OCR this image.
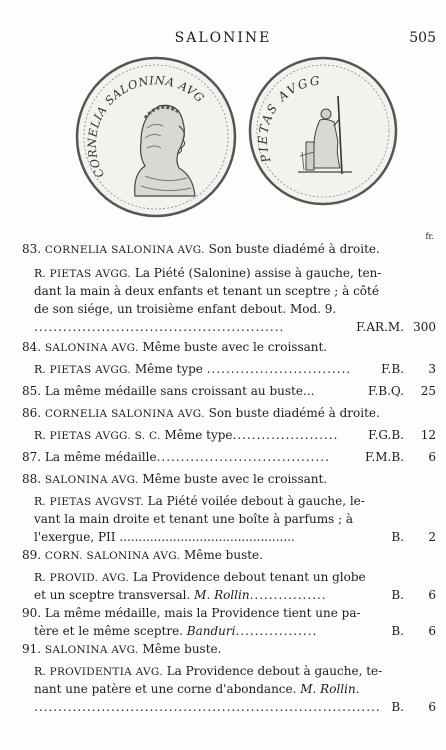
SALONINE	505
CORNELIA SALONINA AVG
PIETAS AVGG
fr.
83. CORNELIA SALONINA AVG. Son buste diadémé à droite.
R. PIETAS AVGG. La Piété (Salonine) assise à gauche, ten-
dant la main à deux enfants et tenant un sceptre ; à côté
de son siége, un troisième enfant debout. Mod. 9.
....................................................	F.AR.M. 300
84. SALONINA AVG. Même buste avec le croissant.
R. PIETAS AVGG. Même type ..............................	F.B.	3
85. La même médaille sans croissant au buste...	F.B.Q.	25
86. CORNELIA SALONINA AVG. Son buste diadémé à droite.
R. PIETAS AVGG. S. C. Même type......................	F.G.B.	12
87. La même médaille....................................	F.M.B.	6
88. SALONINA AVG. Même buste avec le croissant.
R. PIETAS AVGVST. La Piété voilée debout à gauche, le-
vant la main droite et tenant une boîte à parfums ; à
l'exergue, PII ..............................................	B.	2
89. CORN. SALONINA AVG. Même buste.
R. PROVID. AVG. La Providence debout tenant un globe
et un sceptre transversal. M. Rollin................	B.	6
90. La même médaille, mais la Providence tient une pa-
tère et le même sceptre. Banduri.................	B.	6
91. SALONINA AVG. Même buste.
R. PROVIDENTIA AVG. La Providence debout à gauche, te-
nant une patère et une corne d'abondance. M. Rollin.
........................................................................ B.	6
